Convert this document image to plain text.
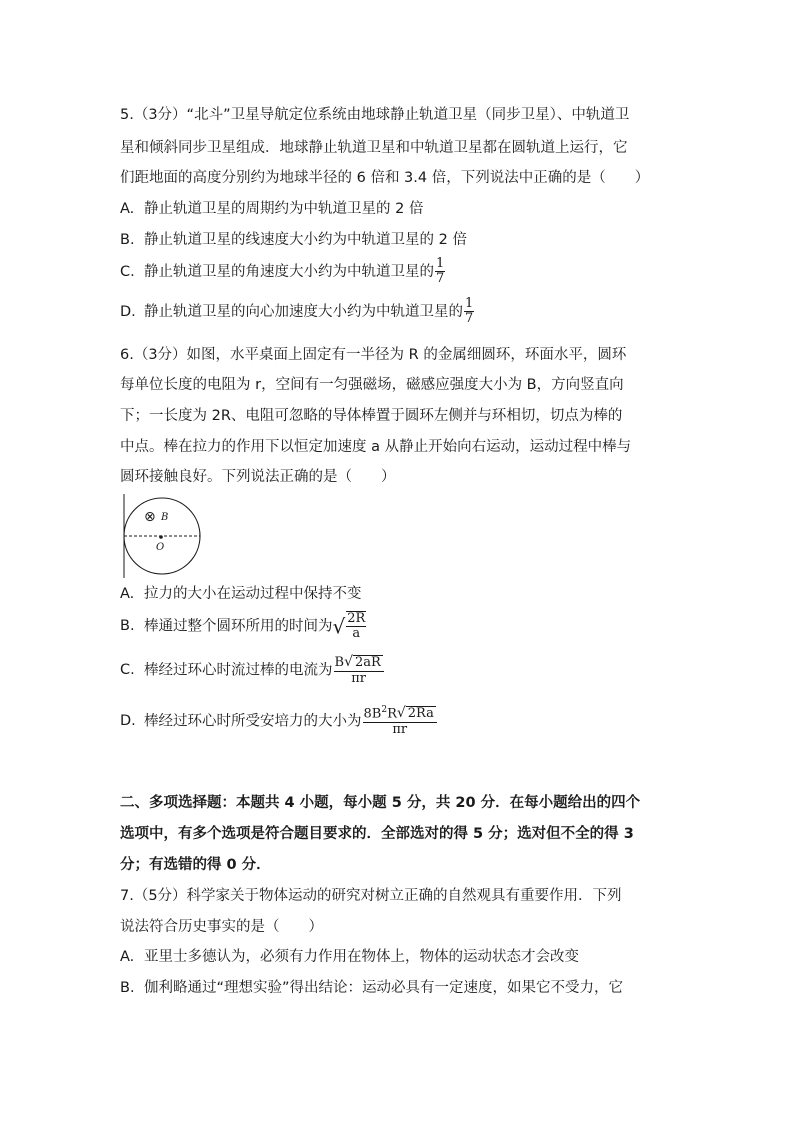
5.（3分）“北斗”卫星导航定位系统由地球静止轨道卫星（同步卫星）、中轨道卫
星和倾斜同步卫星组成．地球静止轨道卫星和中轨道卫星都在圆轨道上运行，它
们距地面的高度分别约为地球半径的 6 倍和 3.4 倍，下列说法中正确的是（　　）
A. 静止轨道卫星的周期约为中轨道卫星的 2 倍
B. 静止轨道卫星的线速度大小约为中轨道卫星的 2 倍
C. 静止轨道卫星的角速度大小约为中轨道卫星的 $\frac{1}{7}$
D. 静止轨道卫星的向心加速度大小约为中轨道卫星的 $\frac{1}{7}$
6.（3分）如图，水平桌面上固定有一半径为 R 的金属细圆环，环面水平，圆环
每单位长度的电阻为 r，空间有一匀强磁场，磁感应强度大小为 B，方向竖直向
下；一长度为 2R、电阻可忽略的导体棒置于圆环左侧并与环相切，切点为棒的
中点。棒在拉力的作用下以恒定加速度 a 从静止开始向右运动，运动过程中棒与
圆环接触良好。下列说法正确的是（　　）
⊗ B
O
A. 拉力的大小在运动过程中保持不变
B. 棒通过整个圆环所用的时间为√ $\frac{2R}{a}$
C. 棒经过环心时流过棒的电流为 $\frac{B√ 2aR}{\pi r}$
D. 棒经过环心时所受安培力的大小为 $\frac{8B^2R√ 2Ra}{\pi r}$
二、多项选择题：本题共 4 小题，每小题 5 分，共 20 分．在每小题给出的四个
选项中，有多个选项是符合题目要求的．全部选对的得 5 分；选对但不全的得 3
分；有选错的得 0 分．
7.（5分）科学家关于物体运动的研究对树立正确的自然观具有重要作用．下列
说法符合历史事实的是（　　）
A. 亚里士多德认为，必须有力作用在物体上，物体的运动状态才会改变
B. 伽利略通过“理想实验”得出结论：运动必具有一定速度，如果它不受力，它
